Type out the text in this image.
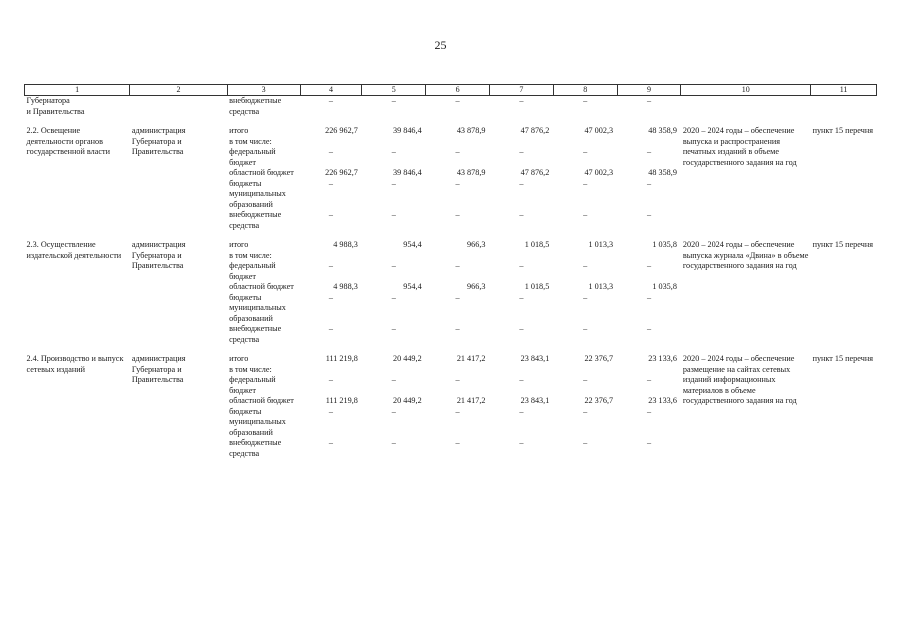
25
1	2	3	4	5	6	7	8	9	10	11

Губернатора
и Правительства		внебюджетные средства	–	–	–	–	–	–		

2.2. Освещение деятельности органов государственной власти	администрация Губернатора и Правительства	итого	226 962,7	39 846,4	43 878,9	47 876,2	47 002,3	48 358,9	2020 – 2024 годы – обеспечение выпуска и распространения печатных изданий в объеме государственного задания на год	пункт 15 перечня
		в том числе:								
		федеральный бюджет	–	–	–	–	–	–		
		областной бюджет	226 962,7	39 846,4	43 878,9	47 876,2	47 002,3	48 358,9		
		бюджеты муниципальных образований	–	–	–	–	–	–		
		внебюджетные средства	–	–	–	–	–	–		

2.3. Осуществление издательской деятельности	администрация Губернатора и Правительства	итого	4 988,3	954,4	966,3	1 018,5	1 013,3	1 035,8	2020 – 2024 годы – обеспечение выпуска журнала «Двина» в объеме государственного задания на год	пункт 15 перечня
		в том числе:								
		федеральный бюджет	–	–	–	–	–	–		
		областной бюджет	4 988,3	954,4	966,3	1 018,5	1 013,3	1 035,8		
		бюджеты муниципальных образований	–	–	–	–	–	–		
		внебюджетные средства	–	–	–	–	–	–		

2.4. Производство и выпуск сетевых изданий	администрация Губернатора и Правительства	итого	111 219,8	20 449,2	21 417,2	23 843,1	22 376,7	23 133,6	2020 – 2024 годы – обеспечение размещение на сайтах сетевых изданий информационных материалов в объеме государственного задания на год	пункт 15 перечня
		в том числе:								
		федеральный бюджет	–	–	–	–	–	–		
		областной бюджет	111 219,8	20 449,2	21 417,2	23 843,1	22 376,7	23 133,6		
		бюджеты муниципальных образований	–	–	–	–	–	–		
		внебюджетные средства	–	–	–	–	–	–		
